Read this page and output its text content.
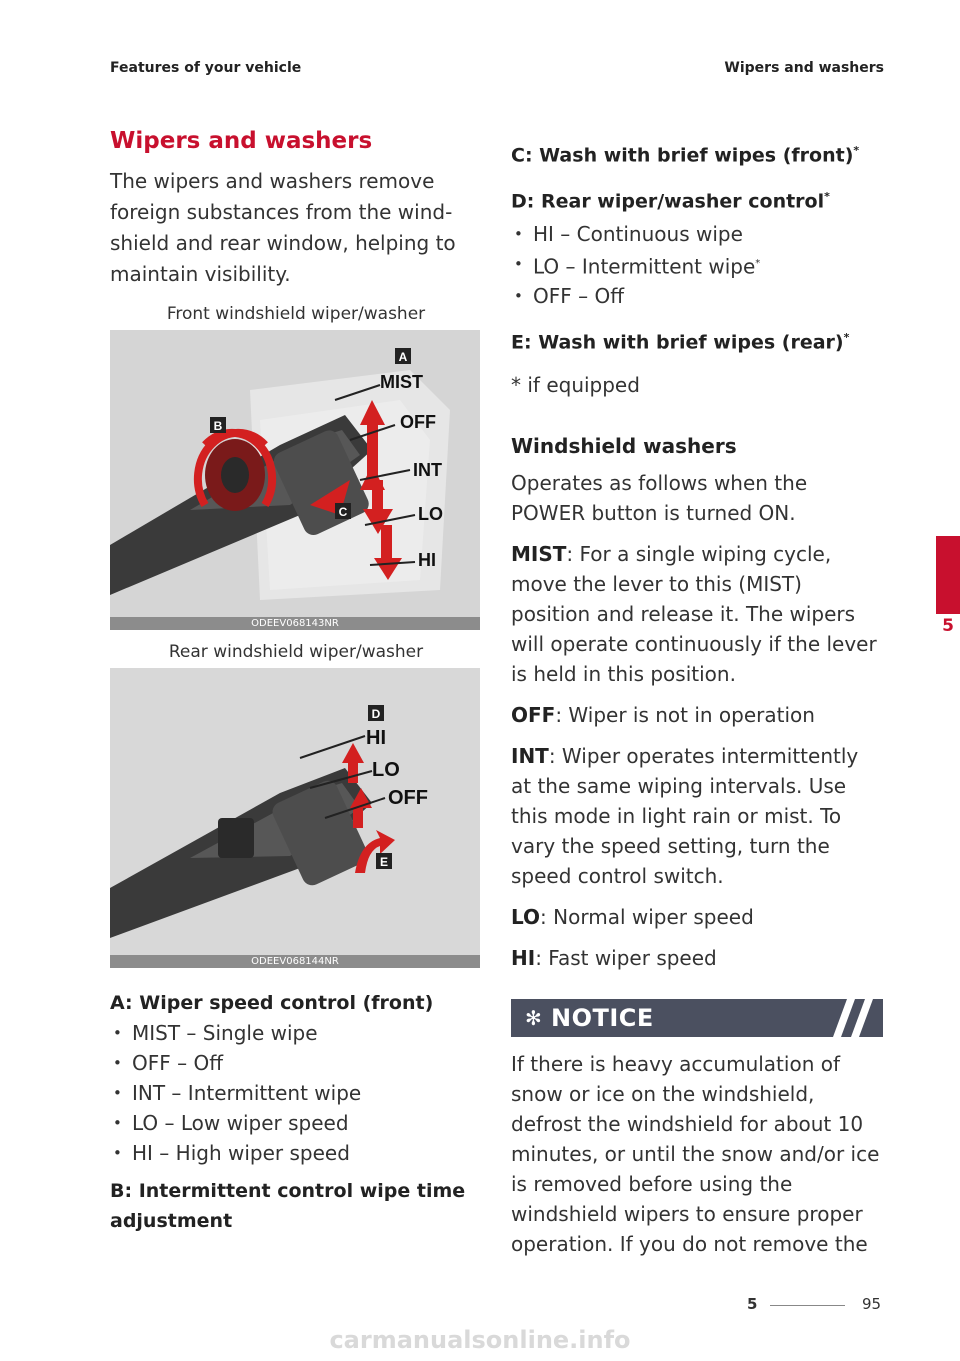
Features of your vehicle	Wipers and washers
Wipers and washers

The wipers and washers remove foreign substances from the wind-shield and rear window, helping to maintain visibility.

Front windshield wiper/washer

A
B
C
MIST
OFF
INT
LO
HI
ODEEV068143NR

Rear windshield wiper/washer

D
E
HI
LO
OFF
ODEEV068144NR

A: Wiper speed control (front)

• MIST – Single wipe
• OFF – Off
• INT – Intermittent wipe
• LO – Low wiper speed
• HI – High wiper speed

B: Intermittent control wipe time adjustment

C: Wash with brief wipes (front)*

D: Rear wiper/washer control*

• HI – Continuous wipe
• LO – Intermittent wipe*
• OFF – Off

E: Wash with brief wipes (rear)*

* if equipped

Windshield washers

Operates as follows when the POWER button is turned ON.

MIST: For a single wiping cycle, move the lever to this (MIST) position and release it. The wipers will operate continuously if the lever is held in this position.

OFF: Wiper is not in operation

INT: Wiper operates intermittently at the same wiping intervals. Use this mode in light rain or mist. To vary the speed setting, turn the speed control switch.

LO: Normal wiper speed

HI: Fast wiper speed

✻ NOTICE

If there is heavy accumulation of snow or ice on the windshield, defrost the windshield for about 10 minutes, or until the snow and/or ice is removed before using the windshield wipers to ensure proper operation. If you do not remove the

5
5	95
carmanualsonline.info
